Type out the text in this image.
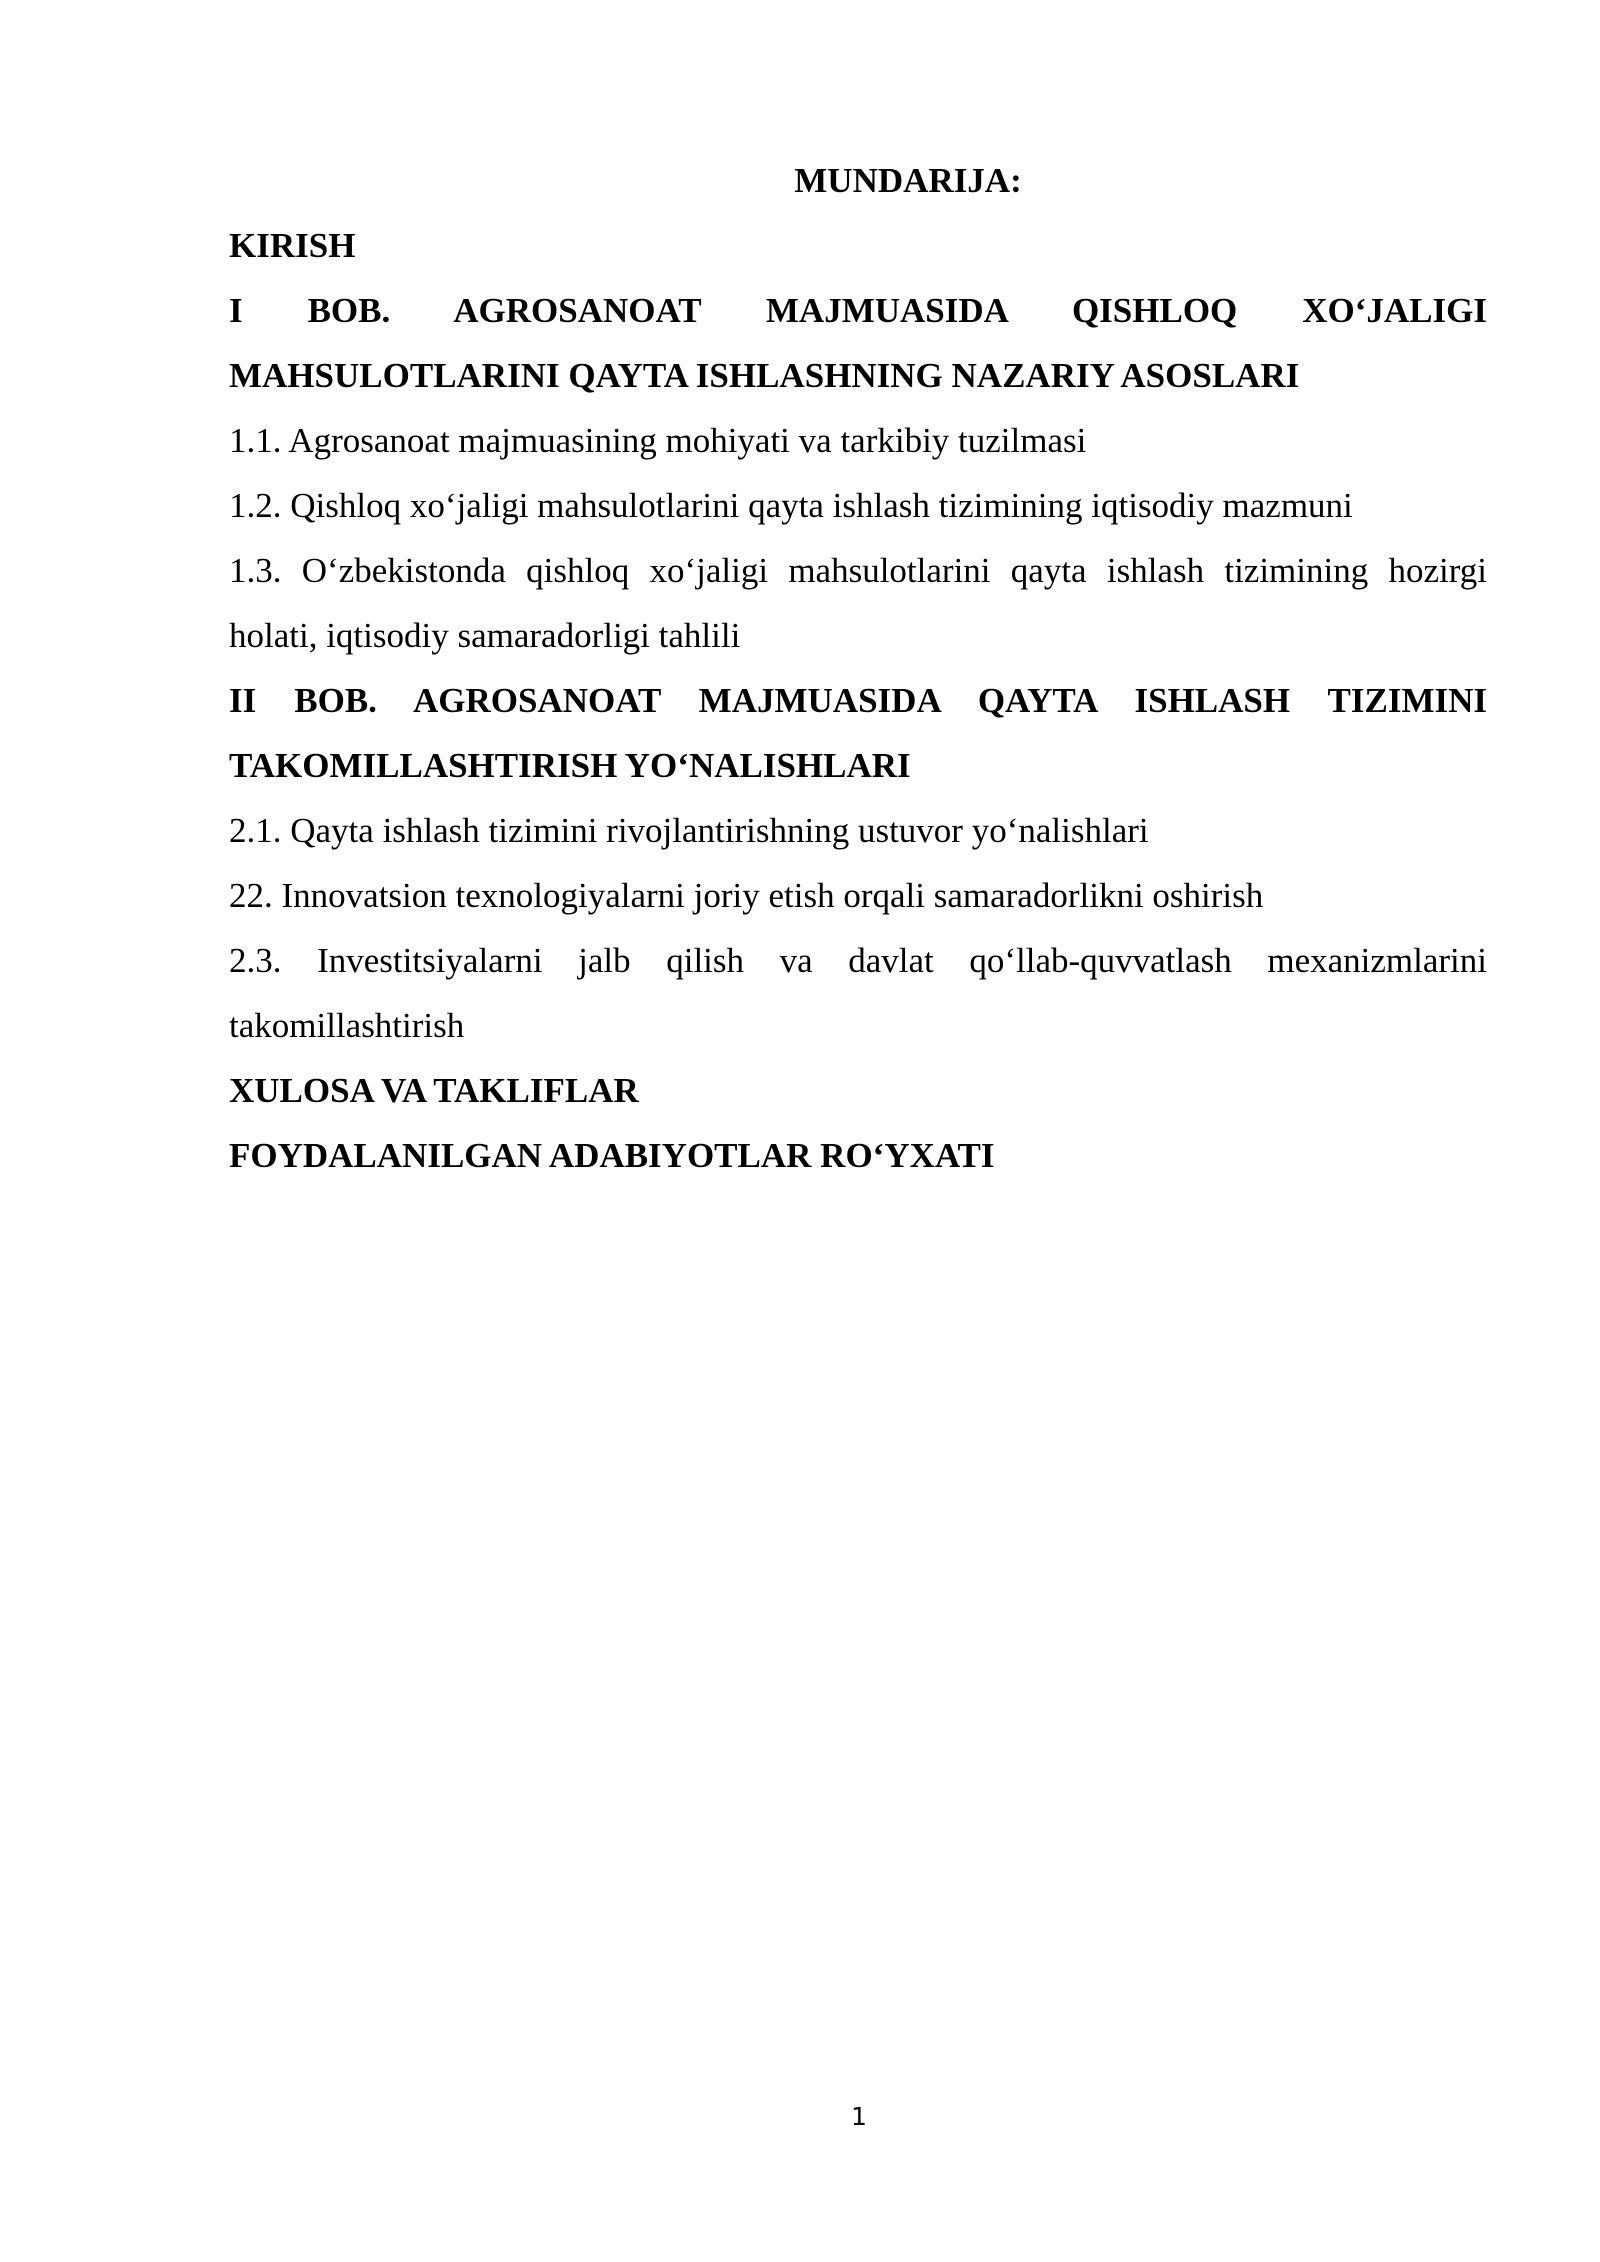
MUNDARIJA:

KIRISH

I BOB. AGROSANOAT MAJMUASIDA QISHLOQ XO‘JALIGI MAHSULOTLARINI QAYTA ISHLASHNING NAZARIY ASOSLARI

1.1. Agrosanoat majmuasining mohiyati va tarkibiy tuzilmasi

1.2. Qishloq xo‘jaligi mahsulotlarini qayta ishlash tizimining iqtisodiy mazmuni

1.3. O‘zbekistonda qishloq xo‘jaligi mahsulotlarini qayta ishlash tizimining hozirgi holati, iqtisodiy samaradorligi tahlili

II BOB. AGROSANOAT MAJMUASIDA QAYTA ISHLASH TIZIMINI TAKOMILLASHTIRISH YO‘NALISHLARI

2.1. Qayta ishlash tizimini rivojlantirishning ustuvor yo‘nalishlari

22. Innovatsion texnologiyalarni joriy etish orqali samaradorlikni oshirish

2.3. Investitsiyalarni jalb qilish va davlat qo‘llab-quvvatlash mexanizmlarini takomillashtirish

XULOSA VA TAKLIFLAR

FOYDALANILGAN ADABIYOTLAR RO‘YXATI

1
